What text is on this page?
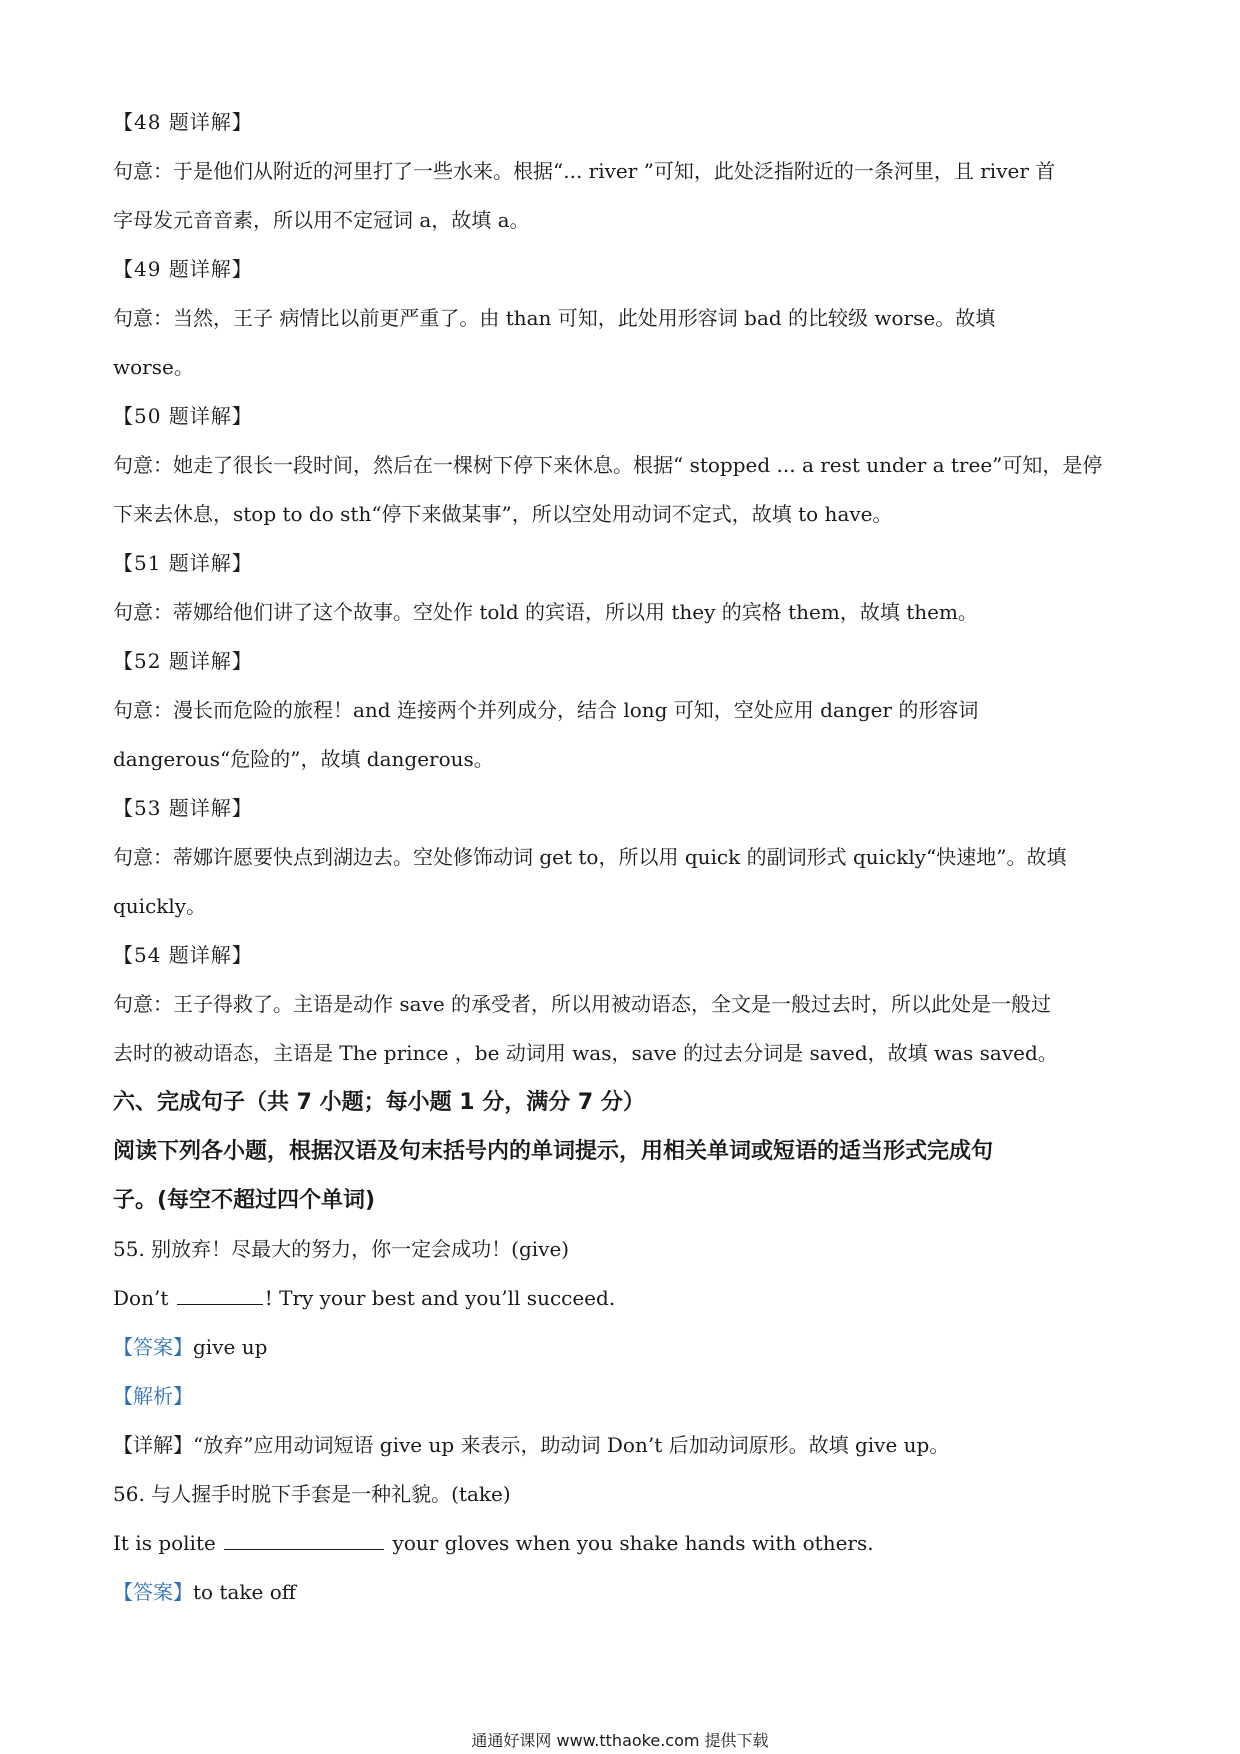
【48 题详解】
句意：于是他们从附近的河里打了一些水来。根据“... river ”可知，此处泛指附近的一条河里，且 river 首
字母发元音音素，所以用不定冠词 a，故填 a。
【49 题详解】
句意：当然，王子 病情比以前更严重了。由 than 可知，此处用形容词 bad 的比较级 worse。故填
worse。
【50 题详解】
句意：她走了很长一段时间，然后在一棵树下停下来休息。根据“ stopped ... a rest under a tree”可知，是停
下来去休息，stop to do sth“停下来做某事”，所以空处用动词不定式，故填 to have。
【51 题详解】
句意：蒂娜给他们讲了这个故事。空处作 told 的宾语，所以用 they 的宾格 them，故填 them。
【52 题详解】
句意：漫长而危险的旅程！and 连接两个并列成分，结合 long 可知，空处应用 danger 的形容词
dangerous“危险的”，故填 dangerous。
【53 题详解】
句意：蒂娜许愿要快点到湖边去。空处修饰动词 get to，所以用 quick 的副词形式 quickly“快速地”。故填
quickly。
【54 题详解】
句意：王子得救了。主语是动作 save 的承受者，所以用被动语态，全文是一般过去时，所以此处是一般过
去时的被动语态，主语是 The prince ，be 动词用 was，save 的过去分词是 saved，故填 was saved。
六、完成句子（共 7 小题；每小题 1 分，满分 7 分）
阅读下列各小题，根据汉语及句末括号内的单词提示，用相关单词或短语的适当形式完成句
子。(每空不超过四个单词)
55. 别放弃！尽最大的努力，你一定会成功！(give)
Don’t	! Try your best and you’ll succeed.
【答案】give up
【解析】
【详解】“放弃”应用动词短语 give up 来表示，助动词 Don’t 后加动词原形。故填 give up。
56. 与人握手时脱下手套是一种礼貌。(take)
It is polite	your gloves when you shake hands with others.
【答案】to take off
通通好课网 www.tthaoke.com 提供下载
